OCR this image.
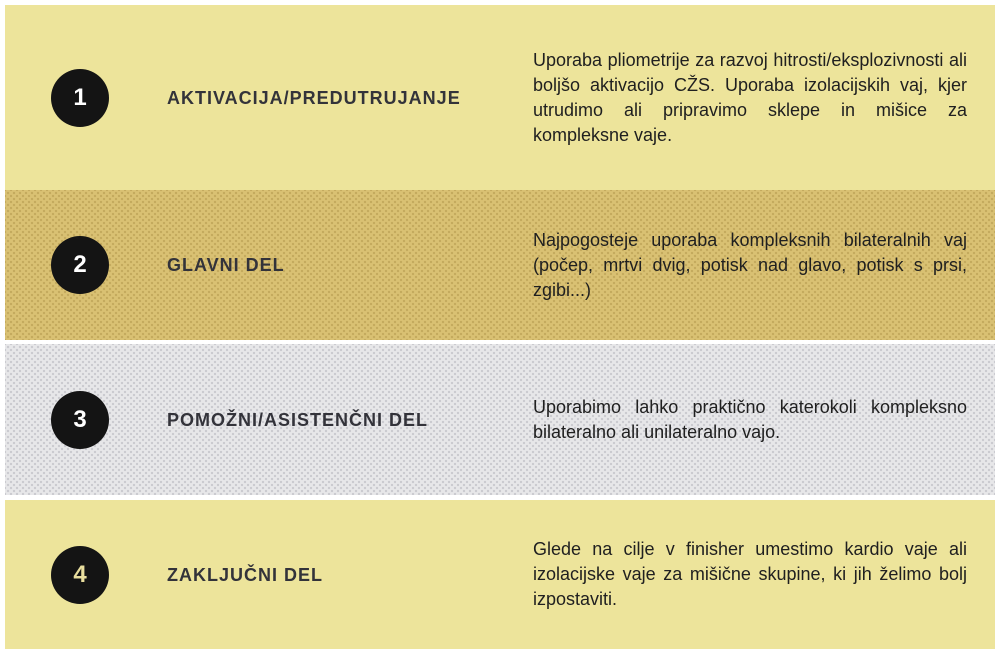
1	AKTIVACIJA/PREDUTRUJANJE
Uporaba pliometrije za razvoj hitrosti/eksplozivnosti ali boljšo aktivacijo CŽS. Uporaba izolacijskih vaj, kjer utrudimo ali pripravimo sklepe in mišice za kompleksne vaje.
2	GLAVNI DEL
Najpogosteje uporaba kompleksnih bilateralnih vaj (počep, mrtvi dvig, potisk nad glavo, potisk s prsi, zgibi...)
3	POMOŽNI/ASISTENČNI DEL
Uporabimo lahko praktično katerokoli kompleksno bilateralno ali unilateralno vajo.
4	ZAKLJUČNI DEL
Glede na cilje v finisher umestimo kardio vaje ali izolacijske vaje za mišične skupine, ki jih želimo bolj izpostaviti.
